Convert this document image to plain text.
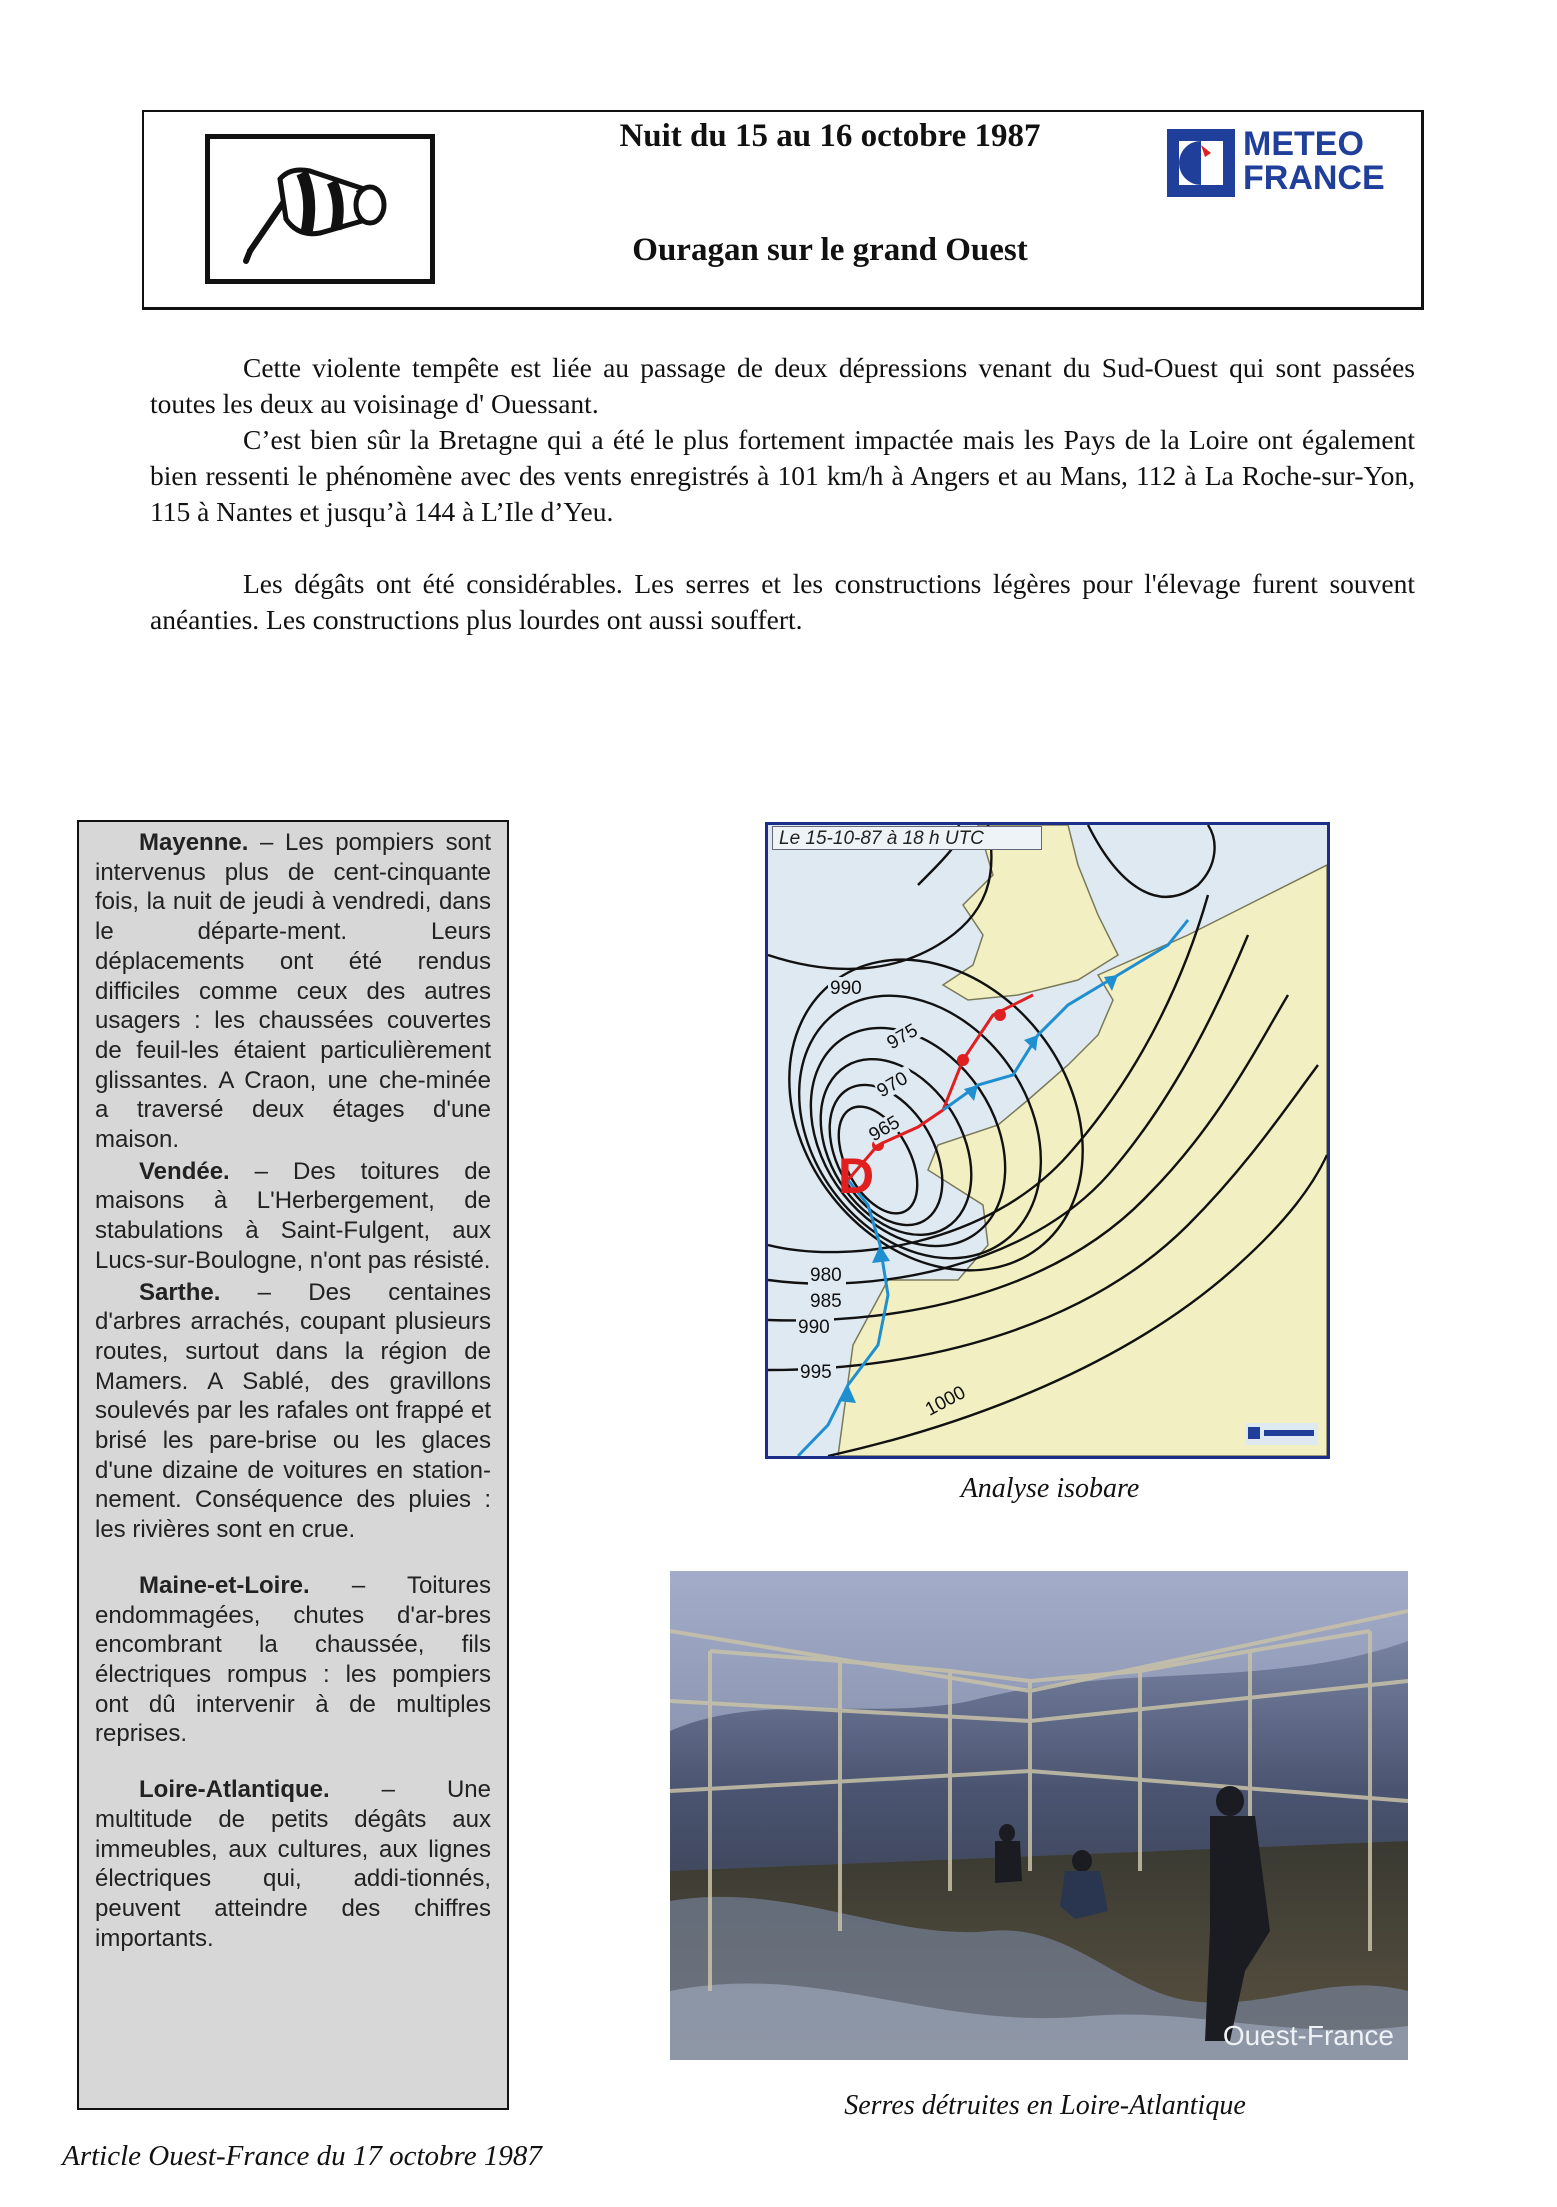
Nuit du 15 au 16 octobre 1987
Ouragan sur le grand Ouest
METEO
FRANCE

Cette violente tempête est liée au passage de deux dépressions venant du Sud-Ouest qui sont passées toutes les deux au voisinage d' Ouessant.

C’est bien sûr la Bretagne qui a été le plus fortement impactée mais les Pays de la Loire ont également bien ressenti le phénomène avec des vents enregistrés à 101 km/h à Angers et au Mans, 112 à La Roche-sur-Yon, 115 à Nantes et jusqu’à 144 à L’Ile d’Yeu.

Les dégâts ont été considérables. Les serres et les constructions légères pour l'élevage furent souvent anéanties. Les constructions plus lourdes ont aussi souffert.

Mayenne. – Les pompiers sont intervenus plus de cent-cinquante fois, la nuit de jeudi à vendredi, dans le départe-ment. Leurs déplacements ont été rendus difficiles comme ceux des autres usagers : les chaussées couvertes de feuil-les étaient particulièrement glissantes. A Craon, une che-minée a traversé deux étages d'une maison.

Vendée. – Des toitures de maisons à L'Herbergement, de stabulations à Saint-Fulgent, aux Lucs-sur-Boulogne, n'ont pas résisté.

Sarthe. – Des centaines d'arbres arrachés, coupant plusieurs routes, surtout dans la région de Mamers. A Sablé, des gravillons soulevés par les rafales ont frappé et brisé les pare-brise ou les glaces d'une dizaine de voitures en station-nement. Conséquence des pluies : les rivières sont en crue.

Maine-et-Loire. – Toitures endommagées, chutes d'ar-bres encombrant la chaussée, fils électriques rompus : les pompiers ont dû intervenir à de multiples reprises.

Loire-Atlantique. – Une multitude de petits dégâts aux immeubles, aux cultures, aux lignes électriques qui, addi-tionnés, peuvent atteindre des chiffres importants.

Article Ouest-France du 17 octobre 1987
990
975
970
965
980
985
990
995
1000
D
Le 15-10-87 à 18 h UTC
Analyse isobare
Ouest-France
Serres détruites en Loire-Atlantique
